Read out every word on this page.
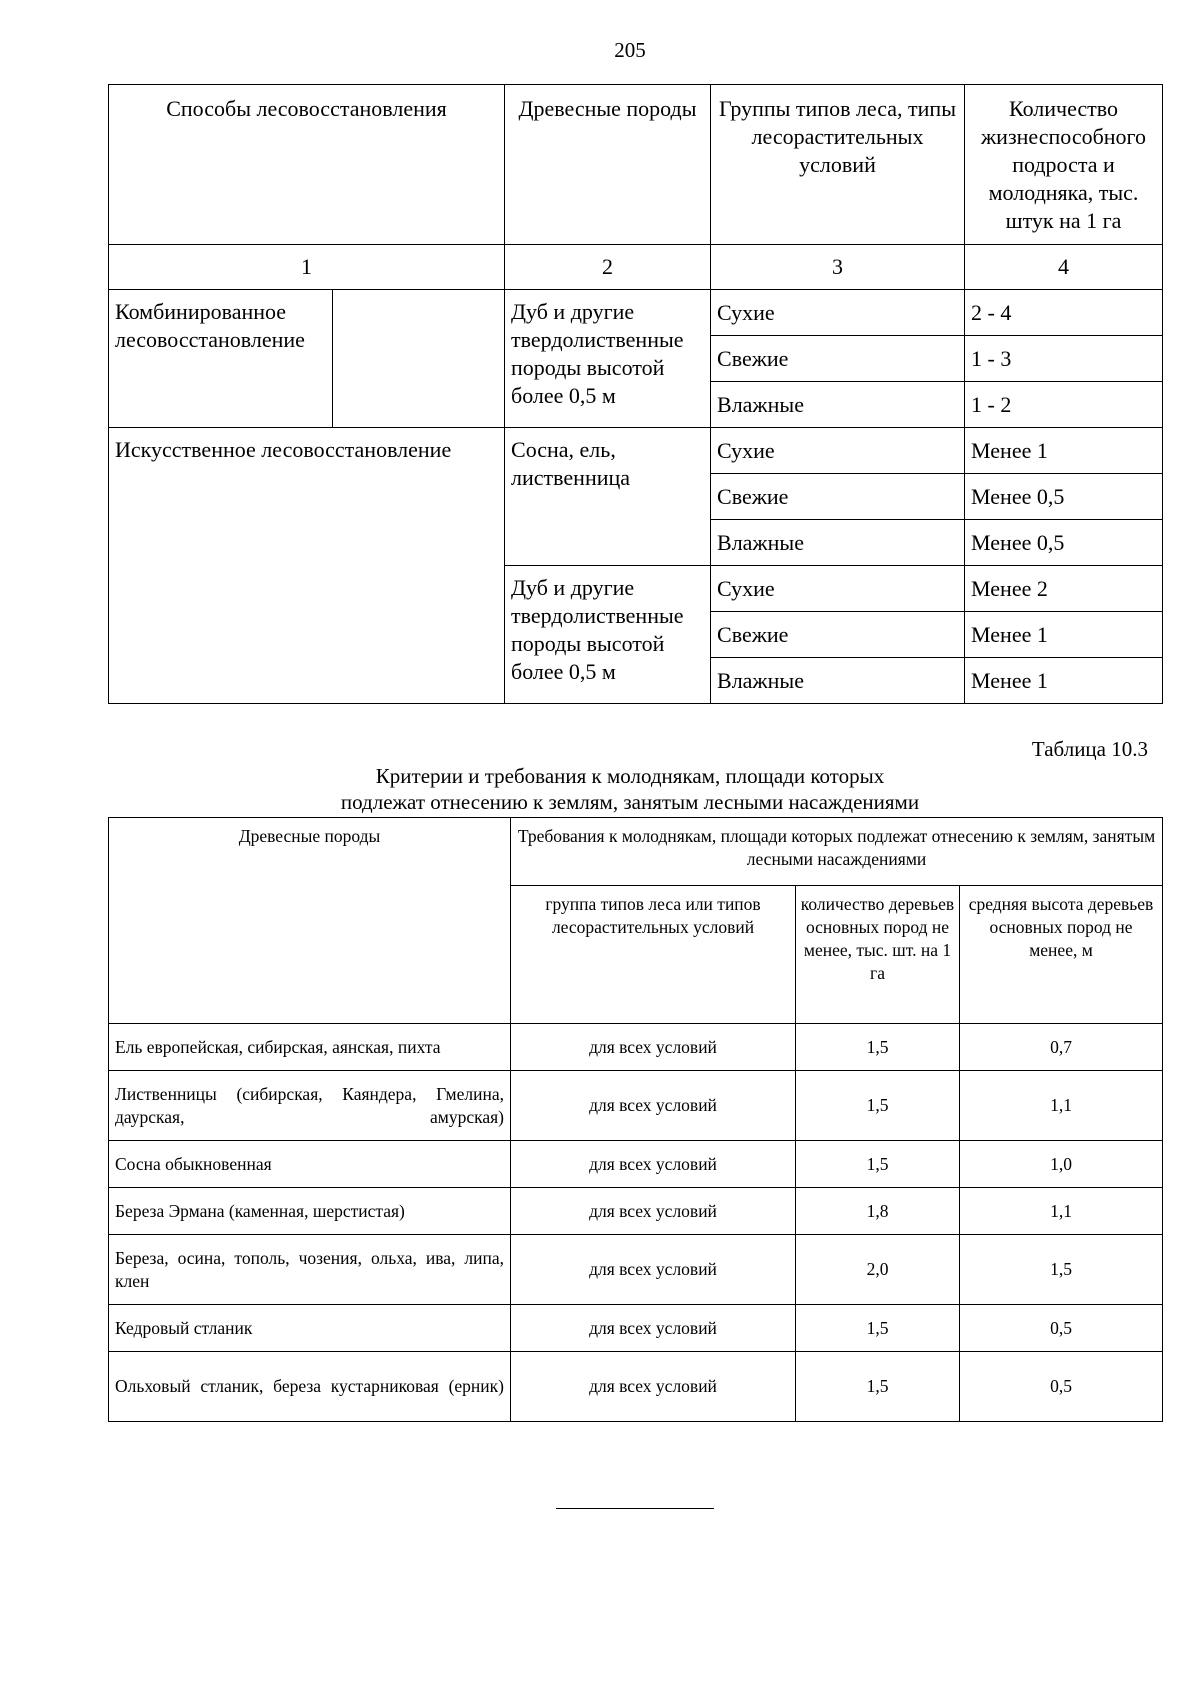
205
Способы лесовосстановления		Древесные породы	Группы типов леса, типы лесорастительных условий	Количество жизнеспособного подроста и молодняка, тыс. штук на 1 га
1		2	3	4
Комбинированное лесовосстановление		Дуб и другие твердолиственные породы высотой более 0,5 м	Сухие	2 - 4
			Свежие	1 - 3
			Влажные	1 - 2
Искусственное лесовосстановление		Сосна, ель, лиственница	Сухие	Менее 1
			Свежие	Менее 0,5
			Влажные	Менее 0,5
		Дуб и другие твердолиственные породы высотой более 0,5 м	Сухие	Менее 2
			Свежие	Менее 1
			Влажные	Менее 1
Таблица 10.3
Критерии и требования к молоднякам, площади которых
подлежат отнесению к землям, занятым лесными насаждениями
Древесные породы	Требования к молоднякам, площади которых подлежат отнесению к землям, занятым лесными насаждениями		
	группа типов леса или типов лесорастительных условий	количество деревьев основных пород не менее, тыс. шт. на 1 га	средняя высота деревьев основных пород не менее, м
Ель европейская, сибирская, аянская, пихта	для всех условий	1,5	0,7
Лиственницы (сибирская, Каяндера, Гмелина, даурская, амурская)	для всех условий	1,5	1,1
Сосна обыкновенная	для всех условий	1,5	1,0
Береза Эрмана (каменная, шерстистая)	для всех условий	1,8	1,1
Береза, осина, тополь, чозения, ольха, ива, липа, клен	для всех условий	2,0	1,5
Кедровый стланик	для всех условий	1,5	0,5
Ольховый стланик, береза кустарниковая (ерник)	для всех условий	1,5	0,5
